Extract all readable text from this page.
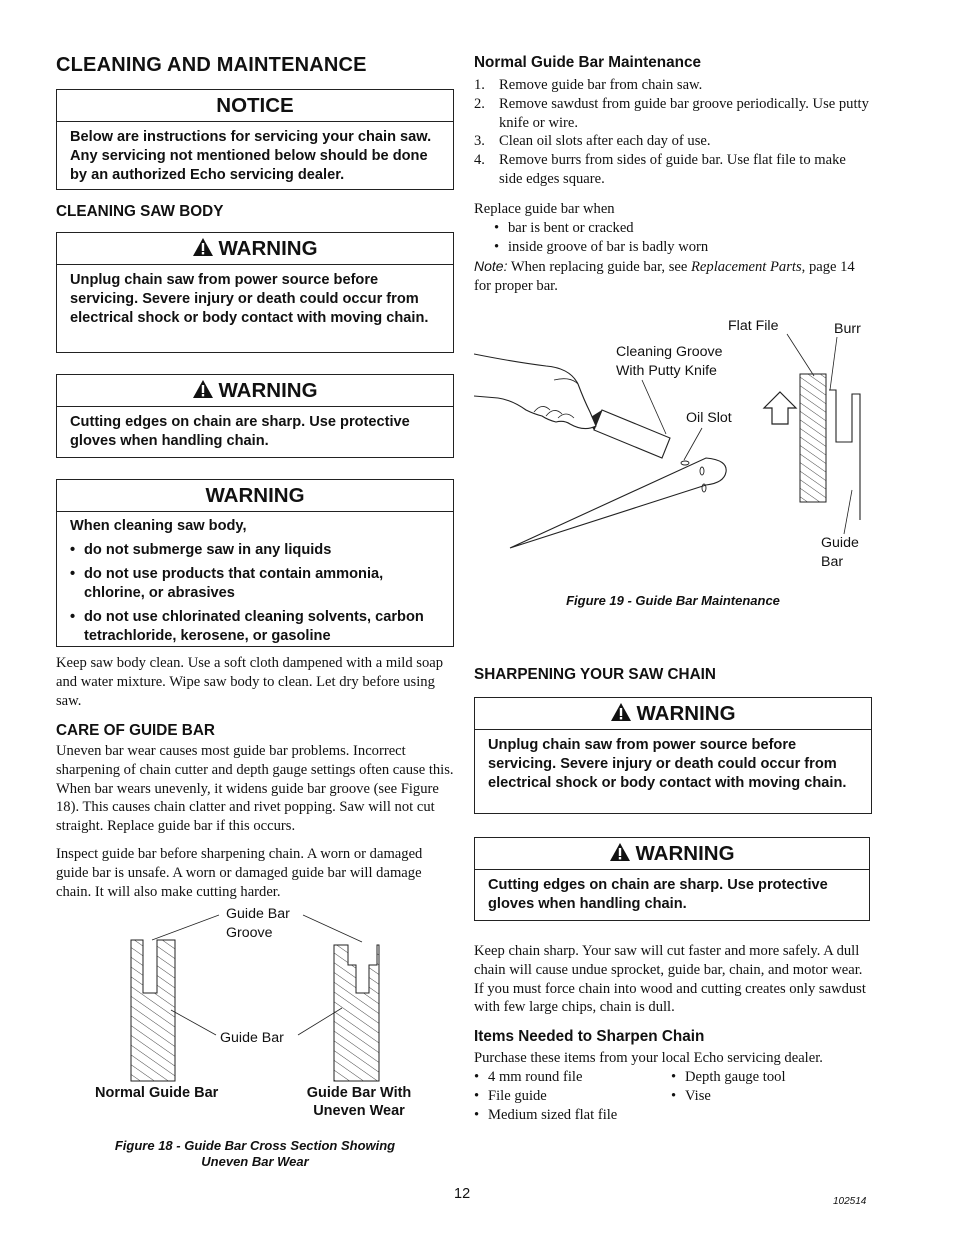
CLEANING AND MAINTENANCE
NOTICE
Below are instructions for servicing your chain saw. Any servicing not mentioned below should be done by an authorized Echo servicing dealer.
CLEANING SAW BODY
WARNING
Unplug chain saw from power source before servicing. Severe injury or death could occur from electrical shock or body contact with moving chain.
WARNING
Cutting edges on chain are sharp. Use protective gloves when handling chain.
WARNING
When cleaning saw body,
• do not submerge saw in any liquids
• do not use products that contain ammonia, chlorine, or abrasives
• do not use chlorinated cleaning solvents, carbon tetrachloride, kerosene, or gasoline

Keep saw body clean. Use a soft cloth dampened with a mild soap and water mixture. Wipe saw body to clean. Let dry before using saw.

CARE OF GUIDE BAR

Uneven bar wear causes most guide bar problems. Incorrect sharpening of chain cutter and depth gauge settings often cause this. When bar wears unevenly, it widens guide bar groove (see Figure 18). This causes chain clatter and rivet popping. Saw will not cut straight. Replace guide bar if this occurs.

Inspect guide bar before sharpening chain. A worn or damaged guide bar is unsafe. A worn or damaged guide bar will damage chain. It will also make cutting harder.

Guide Bar
Groove
Guide Bar
Normal Guide Bar	Guide Bar With
Uneven Wear
Figure 18 - Guide Bar Cross Section Showing
Uneven Bar Wear
Normal Guide Bar Maintenance
1. Remove guide bar from chain saw.
2. Remove sawdust from guide bar groove periodically. Use putty knife or wire.
3. Clean oil slots after each day of use.
4. Remove burrs from sides of guide bar. Use flat file to make side edges square.
Replace guide bar when
• bar is bent or cracked
• inside groove of bar is badly worn

Note: When replacing guide bar, see Replacement Parts, page 14 for proper bar.

Flat File	Burr
Cleaning Groove
With Putty Knife
Oil Slot
Guide
Bar
Figure 19 - Guide Bar Maintenance
SHARPENING YOUR SAW CHAIN
WARNING
Unplug chain saw from power source before servicing. Severe injury or death could occur from electrical shock or body contact with moving chain.
WARNING
Cutting edges on chain are sharp. Use protective gloves when handling chain.

Keep chain sharp. Your saw will cut faster and more safely. A dull chain will cause undue sprocket, guide bar, chain, and motor wear. If you must force chain into wood and cutting creates only sawdust with few large chips, chain is dull.

Items Needed to Sharpen Chain
Purchase these items from your local Echo servicing dealer.
• 4 mm round file
• File guide
• Medium sized flat file
• Depth gauge tool
• Vise
12	102514
